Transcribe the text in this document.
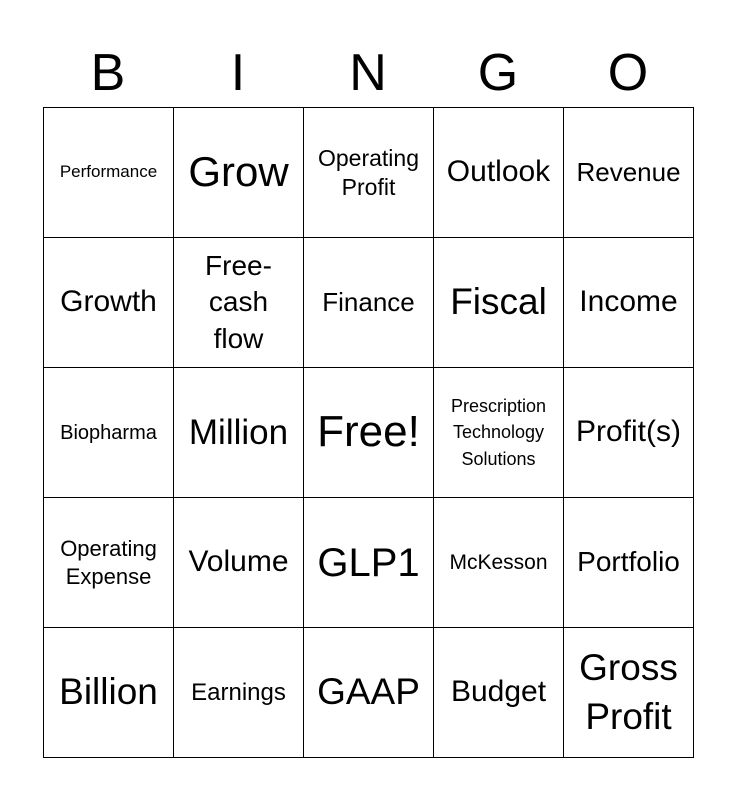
B	I	N	G	O
Performance Grow	Operating Profit	Outlook Revenue
Growth
Free-cash flow
Finance Fiscal Income
Biopharma Million Free!
Prescription Technology Solutions
Profit(s)
Operating Expense	Volume GLP1 McKesson Portfolio
Billion Earnings GAAP Budget
Gross Profit
